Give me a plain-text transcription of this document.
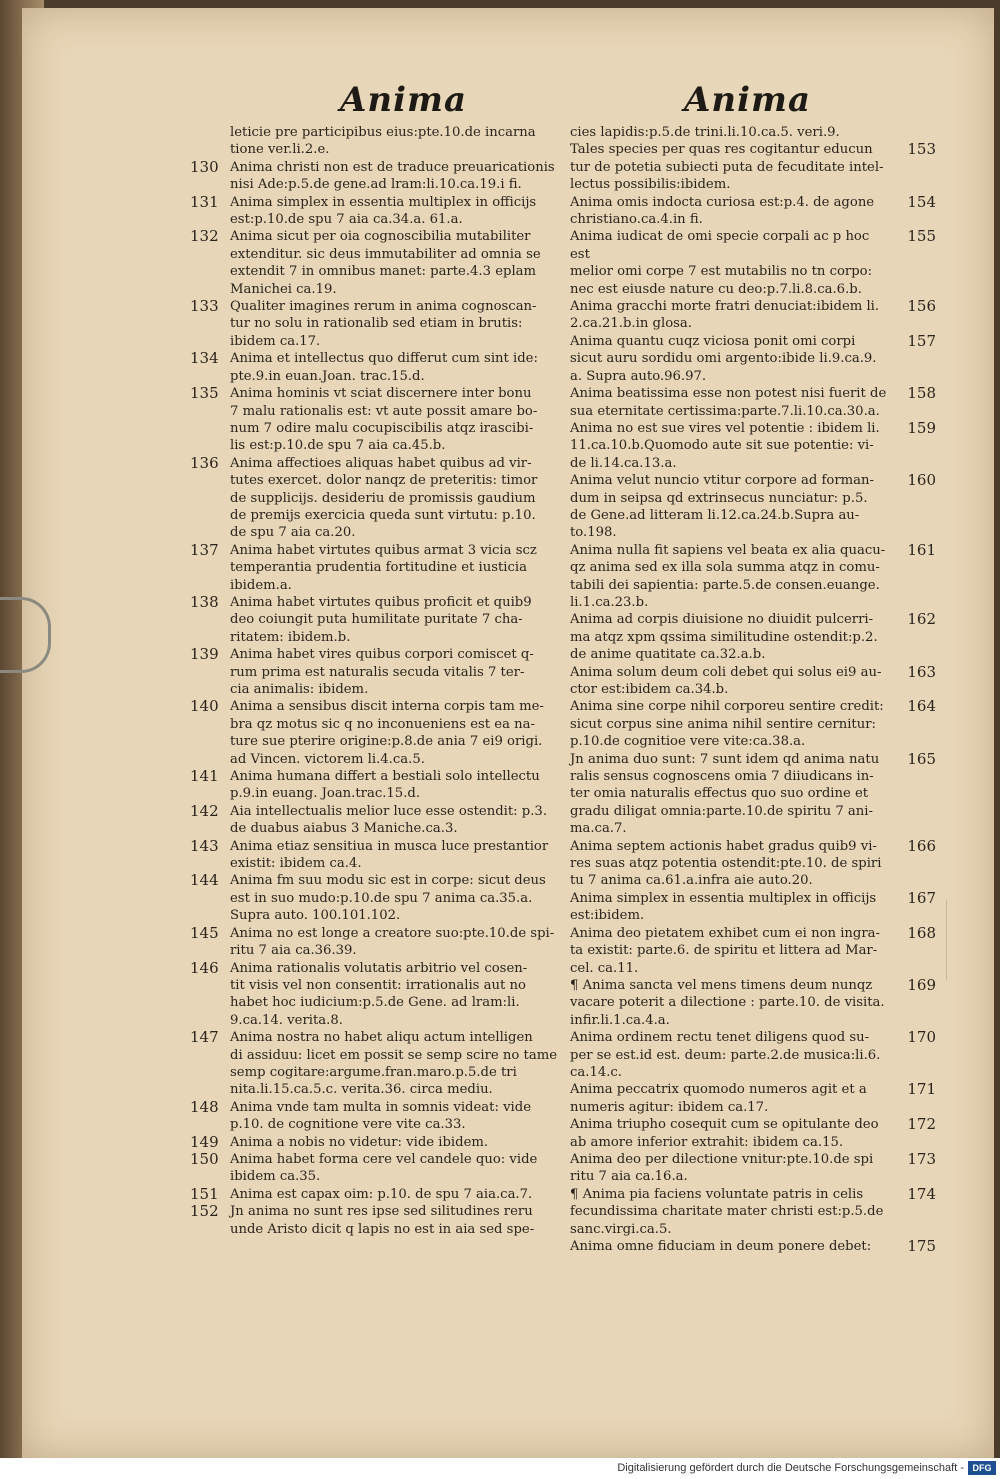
Anima	Anima
leticie pre participibus eius:pte.10.de incarna
tione ver.li.2.e.
130 Anima christi non est de traduce preuaricationis
nisi Ade:p.5.de gene.ad lram:li.10.ca.19.i fi.
131 Anima simplex in essentia multiplex in officijs
est:p.10.de spu 7 aia ca.34.a. 61.a.
132 Anima sicut per oia cognoscibilia mutabiliter
extenditur. sic deus immutabiliter ad omnia se
extendit 7 in omnibus manet: parte.4.3 eplam
Manichei ca.19.
133 Qualiter imagines rerum in anima cognoscan-
tur no solu in rationalib sed etiam in brutis:
ibidem ca.17.
134 Anima et intellectus quo differut cum sint ide:
pte.9.in euan.Joan. trac.15.d.
135 Anima hominis vt sciat discernere inter bonu
7 malu rationalis est: vt aute possit amare bo-
num 7 odire malu cocupiscibilis atqz irascibi-
lis est:p.10.de spu 7 aia ca.45.b.
136 Anima affectioes aliquas habet quibus ad vir-
tutes exercet. dolor nanqz de preteritis: timor
de supplicijs. desideriu de promissis gaudium
de premijs exercicia queda sunt virtutu: p.10.
de spu 7 aia ca.20.
137 Anima habet virtutes quibus armat 3 vicia scz
temperantia prudentia fortitudine et iusticia
ibidem.a.
138 Anima habet virtutes quibus proficit et quib9
deo coiungit puta humilitate puritate 7 cha-
ritatem: ibidem.b.
139 Anima habet vires quibus corpori comiscet q-
rum prima est naturalis secuda vitalis 7 ter-
cia animalis: ibidem.
140 Anima a sensibus discit interna corpis tam me-
bra qz motus sic q no inconueniens est ea na-
ture sue pterire origine:p.8.de ania 7 ei9 origi.
ad Vincen. victorem li.4.ca.5.
141 Anima humana differt a bestiali solo intellectu
p.9.in euang. Joan.trac.15.d.
142 Aia intellectualis melior luce esse ostendit: p.3.
de duabus aiabus 3 Maniche.ca.3.
143 Anima etiaz sensitiua in musca luce prestantior
existit: ibidem ca.4.
144 Anima fm suu modu sic est in corpe: sicut deus
est in suo mudo:p.10.de spu 7 anima ca.35.a.
Supra auto. 100.101.102.
145 Anima no est longe a creatore suo:pte.10.de spi-
ritu 7 aia ca.36.39.
146 Anima rationalis volutatis arbitrio vel cosen-
tit visis vel non consentit: irrationalis aut no
habet hoc iudicium:p.5.de Gene. ad lram:li.
9.ca.14. verita.8.
147 Anima nostra no habet aliqu actum intelligen
di assiduu: licet em possit se semp scire no tame
semp cogitare:argume.fran.maro.p.5.de tri
nita.li.15.ca.5.c. verita.36. circa mediu.
148 Anima vnde tam multa in somnis videat: vide
p.10. de cognitione vere vite ca.33.
149 Anima a nobis no videtur: vide ibidem.
150 Anima habet forma cere vel candele quo: vide
ibidem ca.35.
151 Anima est capax oim: p.10. de spu 7 aia.ca.7.
152 Jn anima no sunt res ipse sed silitudines reru
unde Aristo dicit q lapis no est in aia sed spe-
cies lapidis:p.5.de trini.li.10.ca.5. veri.9.
153
Tales species per quas res cogitantur educun
tur de potetia subiecti puta de fecuditate intel-
lectus possibilis:ibidem.
154
Anima omis indocta curiosa est:p.4. de agone
christiano.ca.4.in fi.
155
Anima iudicat de omi specie corpali ac p hoc est
melior omi corpe 7 est mutabilis no tn corpo:
nec est eiusde nature cu deo:p.7.li.8.ca.6.b.
156
Anima gracchi morte fratri denuciat:ibidem li.
2.ca.21.b.in glosa.
157
Anima quantu cuqz viciosa ponit omi corpi
sicut auru sordidu omi argento:ibide li.9.ca.9.
a. Supra auto.96.97.
158
Anima beatissima esse non potest nisi fuerit de
sua eternitate certissima:parte.7.li.10.ca.30.a.
159
Anima no est sue vires vel potentie : ibidem li.
11.ca.10.b.Quomodo aute sit sue potentie: vi-
de li.14.ca.13.a.
160
Anima velut nuncio vtitur corpore ad forman-
dum in seipsa qd extrinsecus nunciatur: p.5.
de Gene.ad litteram li.12.ca.24.b.Supra au-
to.198.
161
Anima nulla fit sapiens vel beata ex alia quacu-
qz anima sed ex illa sola summa atqz in comu-
tabili dei sapientia: parte.5.de consen.euange.
li.1.ca.23.b.
162
Anima ad corpis diuisione no diuidit pulcerri-
ma atqz xpm qssima similitudine ostendit:p.2.
de anime quatitate ca.32.a.b.
163
Anima solum deum coli debet qui solus ei9 au-
ctor est:ibidem ca.34.b.
164
Anima sine corpe nihil corporeu sentire credit:
sicut corpus sine anima nihil sentire cernitur:
p.10.de cognitioe vere vite:ca.38.a.
165
Jn anima duo sunt: 7 sunt idem qd anima natu
ralis sensus cognoscens omia 7 diiudicans in-
ter omia naturalis effectus quo suo ordine et
gradu diligat omnia:parte.10.de spiritu 7 ani-
ma.ca.7.
166
Anima septem actionis habet gradus quib9 vi-
res suas atqz potentia ostendit:pte.10. de spiri
tu 7 anima ca.61.a.infra aie auto.20.
167
Anima simplex in essentia multiplex in officijs
est:ibidem.
168
Anima deo pietatem exhibet cum ei non ingra-
ta existit: parte.6. de spiritu et littera ad Mar-
cel. ca.11.
169
¶ Anima sancta vel mens timens deum nunqz
vacare poterit a dilectione : parte.10. de visita.
infir.li.1.ca.4.a.
170
Anima ordinem rectu tenet diligens quod su-
per se est.id est. deum: parte.2.de musica:li.6.
ca.14.c.
171
Anima peccatrix quomodo numeros agit et a
numeris agitur: ibidem ca.17.
172
Anima triupho cosequit cum se opitulante deo
ab amore inferior extrahit: ibidem ca.15.
173
Anima deo per dilectione vnitur:pte.10.de spi
ritu 7 aia ca.16.a.
174
¶ Anima pia faciens voluntate patris in celis
fecundissima charitate mater christi est:p.5.de
sanc.virgi.ca.5.
175
Anima omne fiduciam in deum ponere debet:
Digitalisierung gefördert durch die Deutsche Forschungsgemeinschaft - DFG
